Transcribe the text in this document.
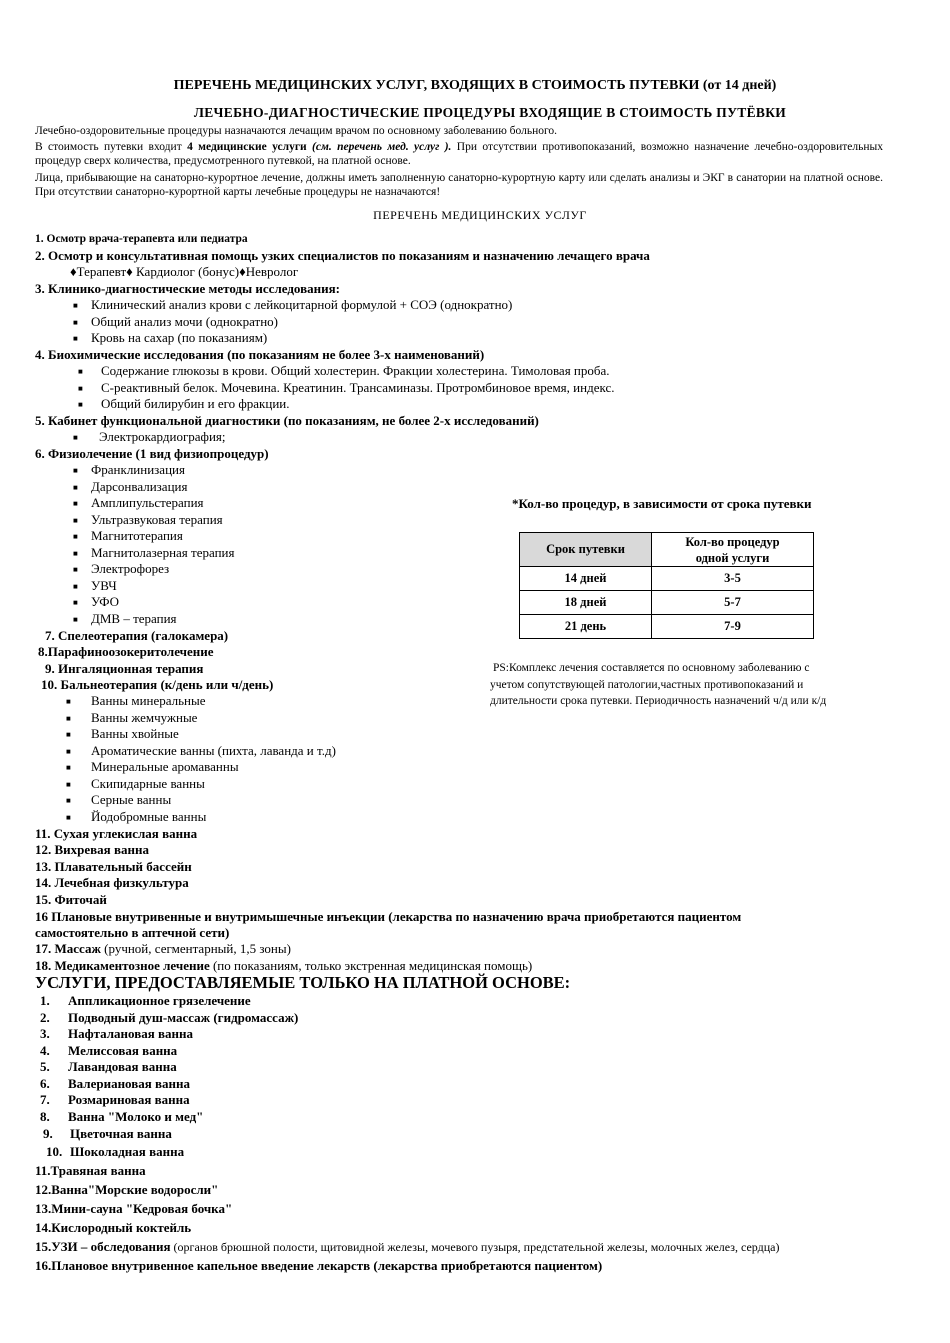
ПЕРЕЧЕНЬ МЕДИЦИНСКИХ УСЛУГ, ВХОДЯЩИХ В СТОИМОСТЬ ПУТЕВКИ (от 14 дней)
ЛЕЧЕБНО-ДИАГНОСТИЧЕСКИЕ ПРОЦЕДУРЫ ВХОДЯЩИЕ В СТОИМОСТЬ ПУТЁВКИ
Лечебно-оздоровительные процедуры назначаются лечащим врачом по основному заболеванию больного.
В стоимость путевки входит 4 медицинские услуги (см. перечень мед. услуг ). При отсутствии противопоказаний, возможно назначение лечебно-оздоровительных процедур сверх количества, предусмотренного путевкой, на платной основе.
Лица, прибывающие на санаторно-курортное лечение, должны иметь заполненную санаторно-курортную карту или сделать анализы и ЭКГ в санатории на платной основе. При отсутствии санаторно-курортной карты лечебные процедуры не назначаются!
ПЕРЕЧЕНЬ МЕДИЦИНСКИХ УСЛУГ
1. Осмотр врача-терапевта или педиатра
2. Осмотр и консультативная помощь узких специалистов по показаниям и назначению лечащего врача
♦Терапевт♦ Кардиолог (бонус)♦Невролог
3. Клинико-диагностические методы исследования:
■ Клинический анализ крови с лейкоцитарной формулой + СОЭ (однократно)
■ Общий анализ мочи (однократно)
■ Кровь на сахар (по показаниям)
4. Биохимические исследования (по показаниям не более 3-х наименований)
■ Содержание глюкозы в крови. Общий холестерин. Фракции холестерина. Тимоловая проба.
■ С-реактивный белок. Мочевина. Креатинин. Трансаминазы. Протромбиновое время, индекс.
■ Общий билирубин и его фракции.
5. Кабинет функциональной диагностики (по показаниям, не более 2-х исследований)
■ Электрокардиография;
6. Физиолечение (1 вид физиопроцедур)
■ Франклинизация
■ Дарсонвализация
■ Амплипульстерапия
■ Ультразвуковая терапия
■ Магнитотерапия
■ Магнитолазерная терапия
■ Электрофорез
■ УВЧ
■ УФО
■ ДМВ – терапия
7. Спелеотерапия (галокамера)
8.Парафиноозокеритолечение
9. Ингаляционная терапия
10. Бальнеотерапия (к/день или ч/день)
■ Ванны минеральные
■ Ванны жемчужные
■ Ванны хвойные
■ Ароматические ванны (пихта, лаванда и т.д)
■ Минеральные аромаванны
■ Скипидарные ванны
■ Серные ванны
■ Йодобромные ванны
11. Сухая углекислая ванна
12. Вихревая ванна
13. Плавательный бассейн
14. Лечебная физкультура
15. Фиточай
16 Плановые внутривенные и внутримышечные инъекции (лекарства по назначению врача приобретаются пациентом
самостоятельно в аптечной сети)
17. Массаж (ручной, сегментарный, 1,5 зоны)
18. Медикаментозное лечение (по показаниям, только экстренная медицинская помощь)
УСЛУГИ, ПРЕДОСТАВЛЯЕМЫЕ ТОЛЬКО НА ПЛАТНОЙ ОСНОВЕ:
1. Аппликационное грязелечение
2. Подводный душ-массаж (гидромассаж)
3. Нафталановая ванна
4. Мелиссовая ванна
5. Лавандовая ванна
6. Валериановая ванна
7. Розмариновая ванна
8. Ванна "Молоко и мед"
9. Цветочная ванна
10. Шоколадная ванна
11.Травяная ванна
12.Ванна"Морские водоросли"
13.Мини-сауна "Кедровая бочка"
14.Кислородный коктейль
15.УЗИ – обследования (органов брюшной полости, щитовидной железы, мочевого пузыря, предстательной железы, молочных желез, сердца)
16.Плановое внутривенное капельное введение лекарств (лекарства приобретаются пациентом)
*Кол-во процедур, в зависимости от срока путевки
Срок путевки	Кол-во процедур
одной услуги
14 дней	3-5
18 дней	5-7
21 день	7-9
PS:Комплекс лечения составляется по основному заболеванию с
учетом сопутствующей патологии,частных противопоказаний и
длительности срока путевки. Периодичность назначений ч/д или к/д
